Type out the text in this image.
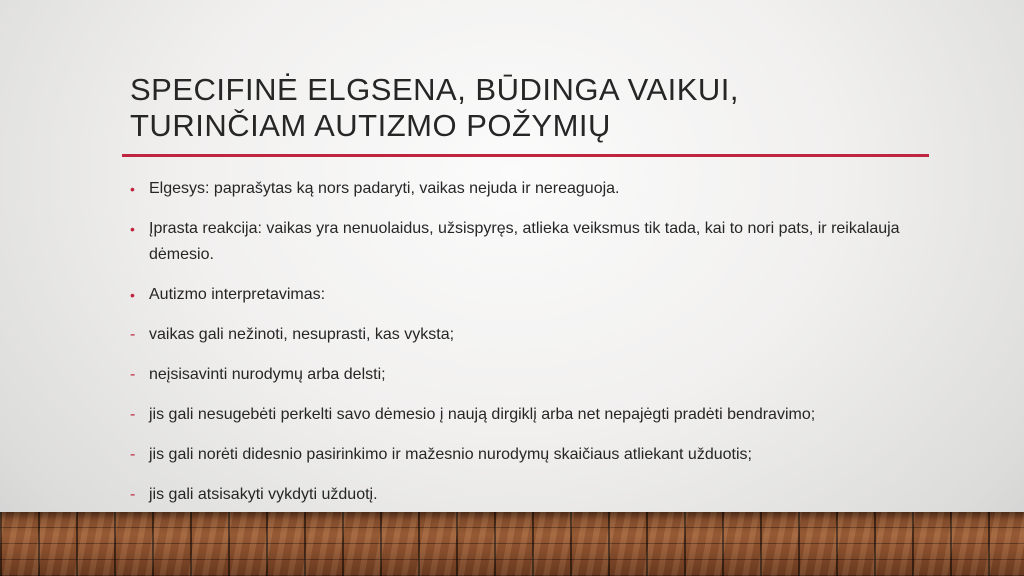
SPECIFINĖ ELGSENA, BŪDINGA VAIKUI,
TURINČIAM AUTIZMO POŽYMIŲ
• Elgesys: paprašytas ką nors padaryti, vaikas nejuda ir nereaguoja.
• Įprasta reakcija: vaikas yra nenuolaidus, užsispyręs, atlieka veiksmus tik tada, kai to nori pats, ir reikalauja dėmesio.
• Autizmo interpretavimas:
- vaikas gali nežinoti, nesuprasti, kas vyksta;
- neįsisavinti nurodymų arba delsti;
- jis gali nesugebėti perkelti savo dėmesio į naują dirgiklį arba net nepajėgti pradėti bendravimo;
- jis gali norėti didesnio pasirinkimo ir mažesnio nurodymų skaičiaus atliekant užduotis;
- jis gali atsisakyti vykdyti užduotį.
